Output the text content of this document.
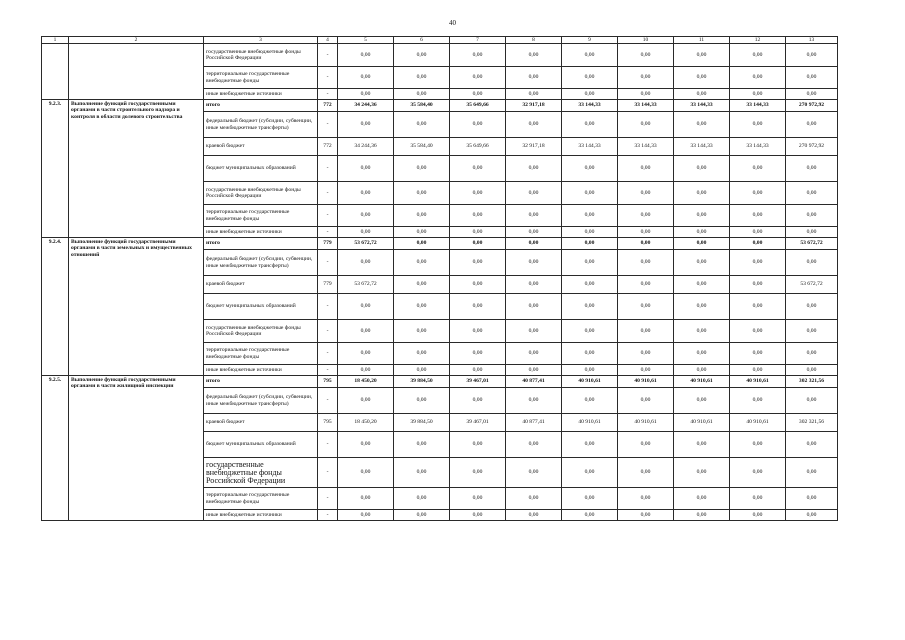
40
1	2	3	4	5	6	7	8	9	10	11	12	13
		государственные внебюджетные фонды Российской Федерации	-	0,00	0,00	0,00	0,00	0,00	0,00	0,00	0,00	0,00
		территориальные государственные внебюджетные фонды	-	0,00	0,00	0,00	0,00	0,00	0,00	0,00	0,00	0,00
		иные внебюджетные источники	-	0,00	0,00	0,00	0,00	0,00	0,00	0,00	0,00	0,00
9.2.3.	Выполнение функций государственными органами в части строительного надзора и контроля в области долевого строительства	итого	772	34 244,36	35 584,40	35 649,66	32 917,18	33 144,33	33 144,33	33 144,33	33 144,33	270 972,92
		федеральный бюджет (субсидии, субвенции, иные межбюджетные трансферты)	-	0,00	0,00	0,00	0,00	0,00	0,00	0,00	0,00	0,00
		краевой бюджет	772	34 244,36	35 584,40	35 649,66	32 917,18	33 144,33	33 144,33	33 144,33	33 144,33	270 972,92
		бюджет муниципальных образований	-	0,00	0,00	0,00	0,00	0,00	0,00	0,00	0,00	0,00
		государственные внебюджетные фонды Российской Федерации	-	0,00	0,00	0,00	0,00	0,00	0,00	0,00	0,00	0,00
		территориальные государственные внебюджетные фонды	-	0,00	0,00	0,00	0,00	0,00	0,00	0,00	0,00	0,00
		иные внебюджетные источники	-	0,00	0,00	0,00	0,00	0,00	0,00	0,00	0,00	0,00
9.2.4.	Выполнение функций государственными органами в части земельных и имущественных отношений	итого	779	53 672,72	0,00	0,00	0,00	0,00	0,00	0,00	0,00	53 672,72
		федеральный бюджет (субсидии, субвенции, иные межбюджетные трансферты)	-	0,00	0,00	0,00	0,00	0,00	0,00	0,00	0,00	0,00
		краевой бюджет	779	53 672,72	0,00	0,00	0,00	0,00	0,00	0,00	0,00	53 672,72
		бюджет муниципальных образований	-	0,00	0,00	0,00	0,00	0,00	0,00	0,00	0,00	0,00
		государственные внебюджетные фонды Российской Федерации	-	0,00	0,00	0,00	0,00	0,00	0,00	0,00	0,00	0,00
		территориальные государственные внебюджетные фонды	-	0,00	0,00	0,00	0,00	0,00	0,00	0,00	0,00	0,00
		иные внебюджетные источники	-	0,00	0,00	0,00	0,00	0,00	0,00	0,00	0,00	0,00
9.2.5.	Выполнение функций государственными органами в части жилищной инспекции	итого	795	18 450,20	39 884,50	39 467,01	40 877,41	40 910,61	40 910,61	40 910,61	40 910,61	302 321,56
		федеральный бюджет (субсидии, субвенции, иные межбюджетные трансферты)	-	0,00	0,00	0,00	0,00	0,00	0,00	0,00	0,00	0,00
		краевой бюджет	795	18 450,20	39 884,50	39 467,01	40 877,41	40 910,61	40 910,61	40 910,61	40 910,61	302 321,56
		бюджет муниципальных образований	-	0,00	0,00	0,00	0,00	0,00	0,00	0,00	0,00	0,00
		государственные внебюджетные фонды Российской Федерации	-	0,00	0,00	0,00	0,00	0,00	0,00	0,00	0,00	0,00
		территориальные государственные внебюджетные фонды	-	0,00	0,00	0,00	0,00	0,00	0,00	0,00	0,00	0,00
		иные внебюджетные источники	-	0,00	0,00	0,00	0,00	0,00	0,00	0,00	0,00	0,00
